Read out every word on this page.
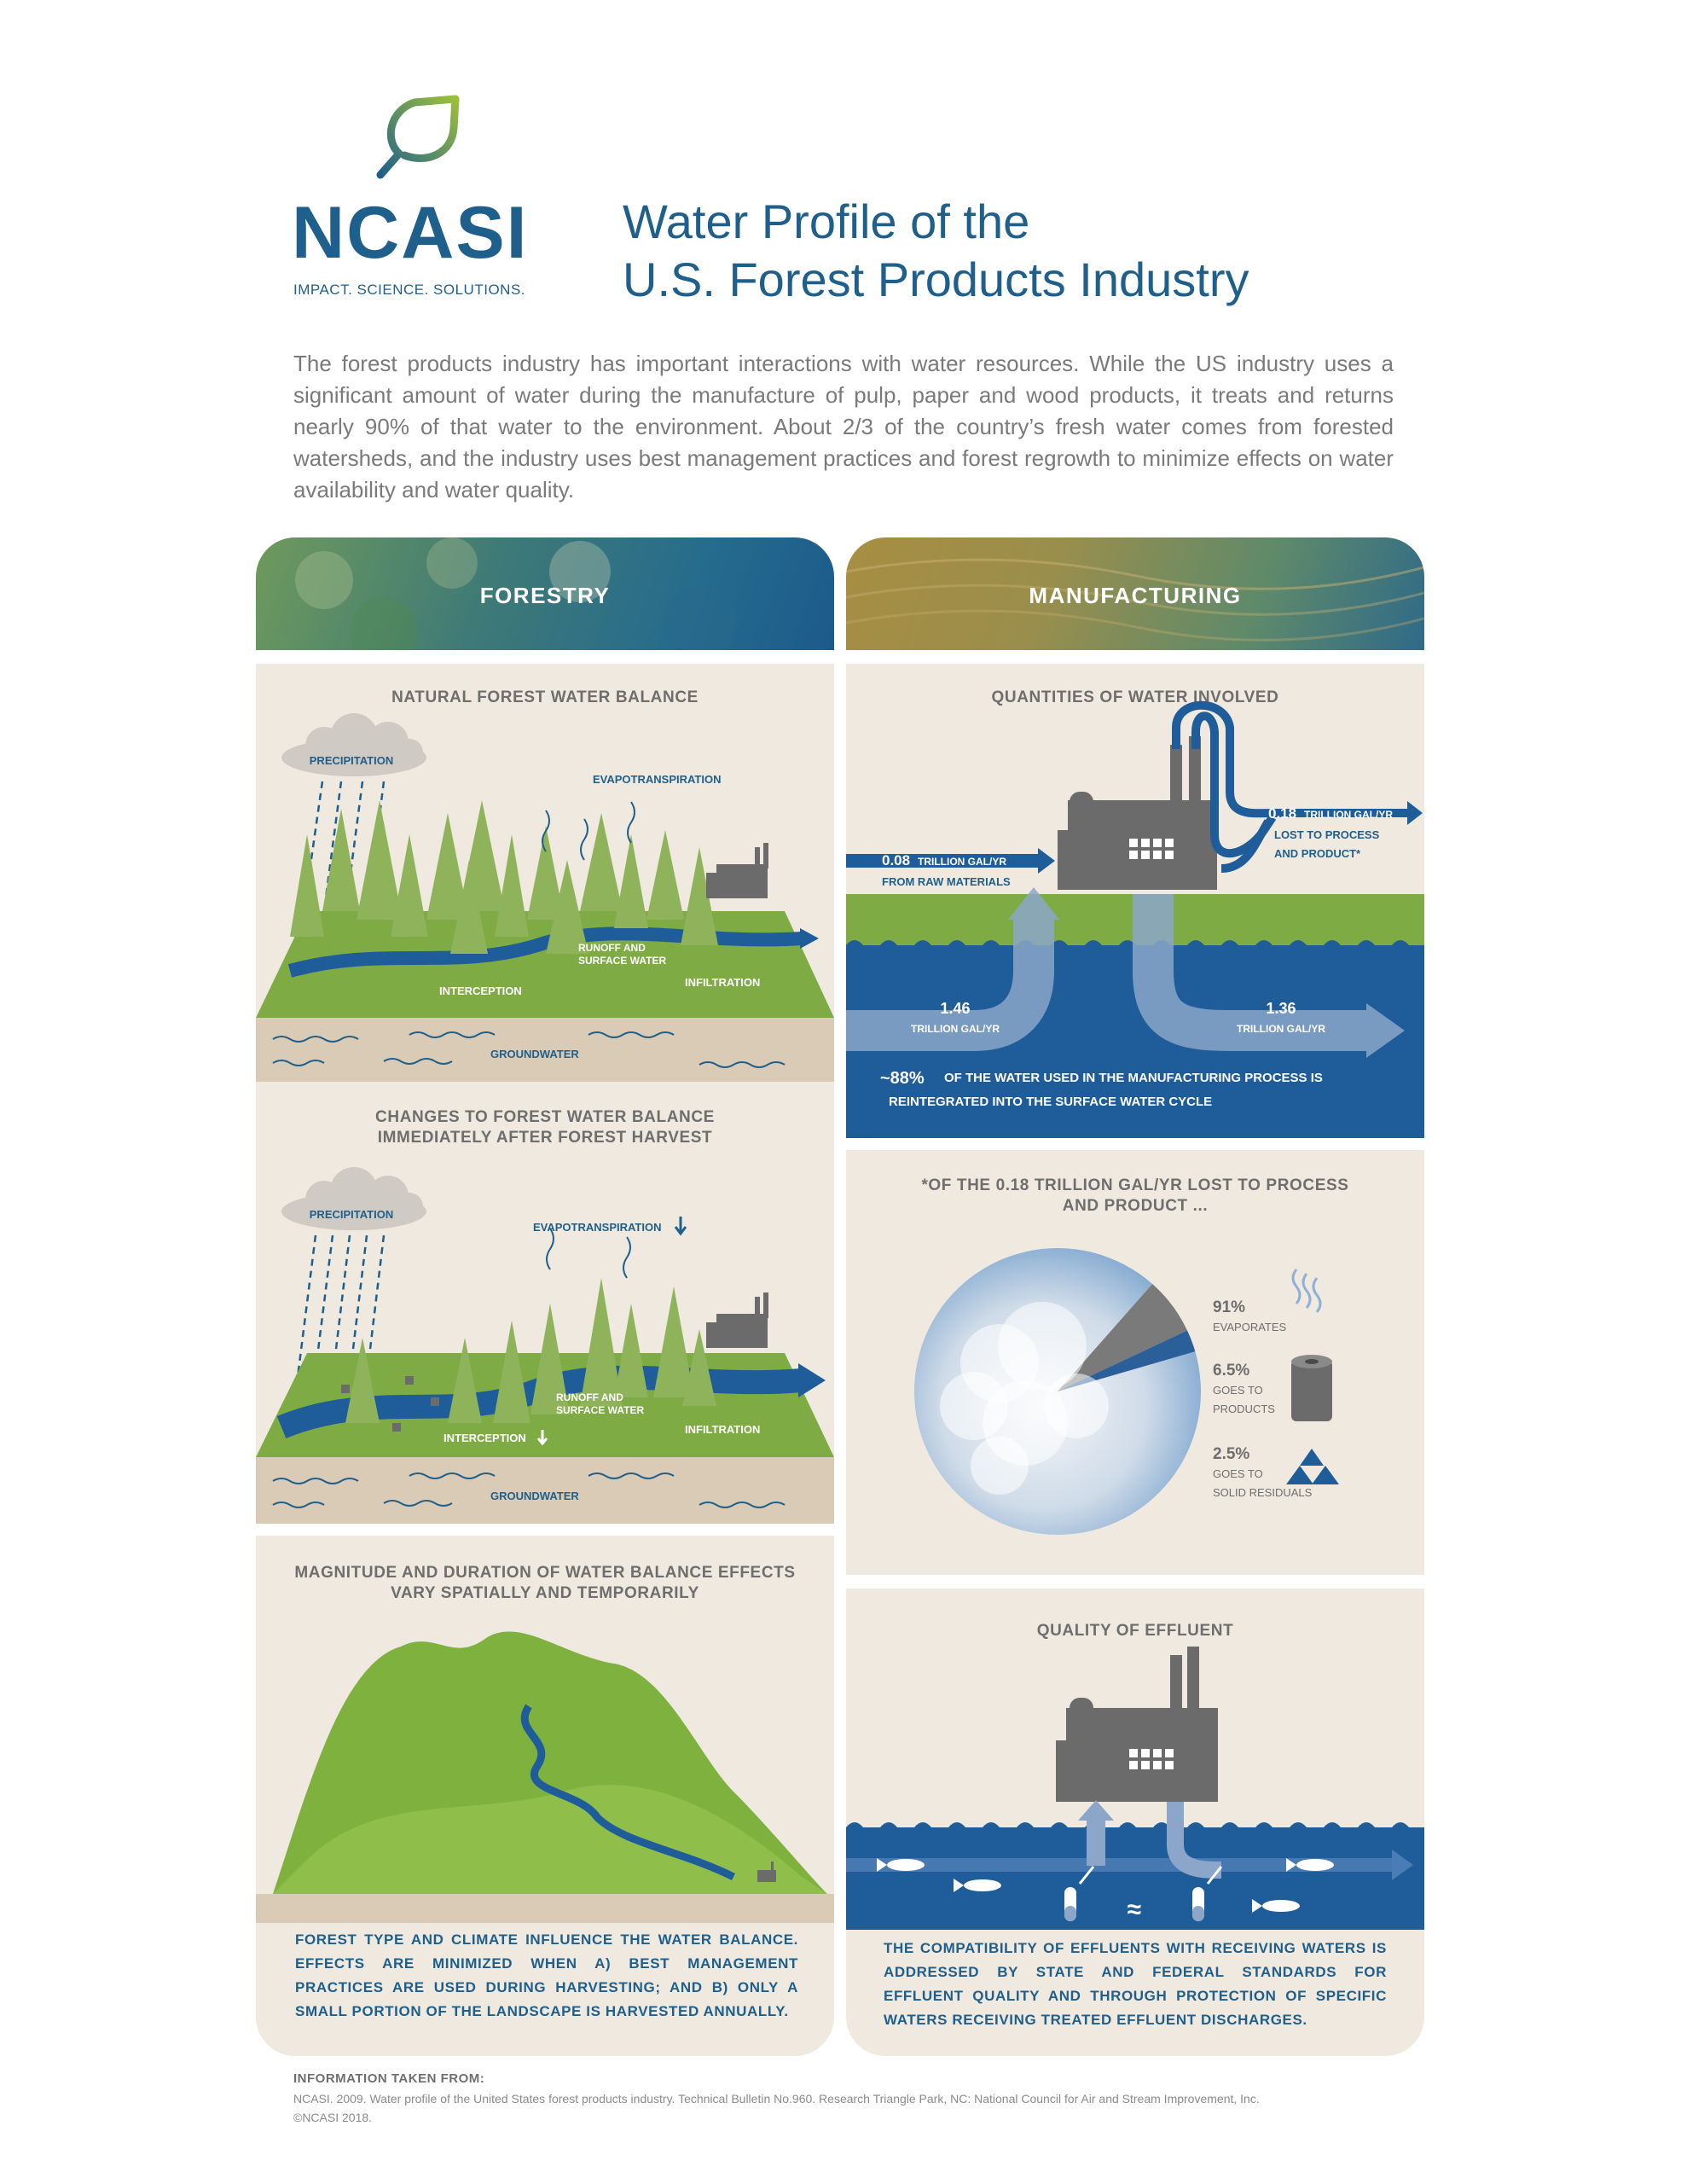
NCASI
IMPACT. SCIENCE. SOLUTIONS.
Water Profile of the
U.S. Forest Products Industry
The forest products industry has important interactions with water resources. While the US industry uses a significant amount of water during the manufacture of pulp, paper and wood products, it treats and returns nearly 90% of that water to the environment. About 2/3 of the country’s fresh water comes from forested watersheds, and the industry uses best management practices and forest regrowth to minimize effects on water availability and water quality.
FORESTRY	MANUFACTURING
NATURAL FOREST WATER BALANCE
PRECIPITATION
EVAPOTRANSPIRATION
RUNOFF AND
SURFACE WATER
INTERCEPTION
INFILTRATION
GROUNDWATER
CHANGES TO FOREST WATER BALANCE
IMMEDIATELY AFTER FOREST HARVEST
PRECIPITATION
EVAPOTRANSPIRATION
RUNOFF AND
SURFACE WATER
INTERCEPTION
INFILTRATION
GROUNDWATER
MAGNITUDE AND DURATION OF WATER BALANCE EFFECTS
VARY SPATIALLY AND TEMPORARILY
FOREST TYPE AND CLIMATE INFLUENCE THE WATER BALANCE. EFFECTS ARE MINIMIZED WHEN A) BEST MANAGEMENT PRACTICES ARE USED DURING HARVESTING; AND B) ONLY A SMALL PORTION OF THE LANDSCAPE IS HARVESTED ANNUALLY.
QUANTITIES OF WATER INVOLVED
0.08 TRILLION GAL/YR
FROM RAW MATERIALS
0.18 TRILLION GAL/YR
LOST TO PROCESS
AND PRODUCT*
1.46
TRILLION GAL/YR
1.36
TRILLION GAL/YR
~88% OF THE WATER USED IN THE MANUFACTURING PROCESS IS
REINTEGRATED INTO THE SURFACE WATER CYCLE
*OF THE 0.18 TRILLION GAL/YR LOST TO PROCESS
AND PRODUCT ...
91%
EVAPORATES
6.5%
GOES TO
PRODUCTS
2.5%
GOES TO
SOLID RESIDUALS
QUALITY OF EFFLUENT
≈
THE COMPATIBILITY OF EFFLUENTS WITH RECEIVING WATERS IS ADDRESSED BY STATE AND FEDERAL STANDARDS FOR EFFLUENT QUALITY AND THROUGH PROTECTION OF SPECIFIC WATERS RECEIVING TREATED EFFLUENT DISCHARGES.
INFORMATION TAKEN FROM:
NCASI. 2009. Water profile of the United States forest products industry. Technical Bulletin No.960. Research Triangle Park, NC: National Council for Air and Stream Improvement, Inc.
©NCASI 2018.
